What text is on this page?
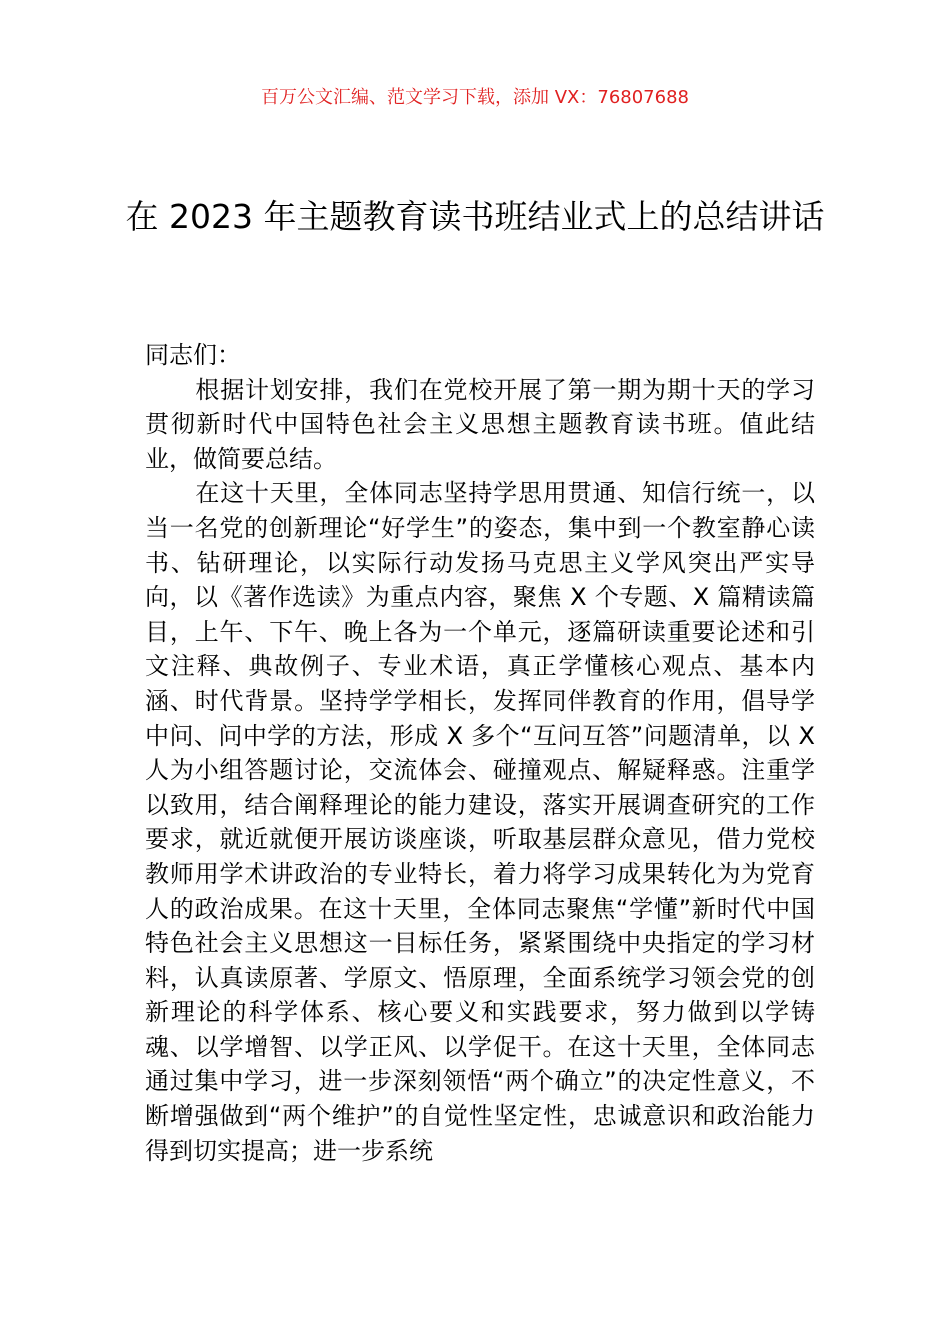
百万公文汇编、范文学习下载，添加 VX：76807688
在 2023 年主题教育读书班结业式上的总结讲话

同志们：

根据计划安排，我们在党校开展了第一期为期十天的学习贯彻新时代中国特色社会主义思想主题教育读书班。值此结业，做简要总结。

在这十天里，全体同志坚持学思用贯通、知信行统一，以当一名党的创新理论“好学生”的姿态，集中到一个教室静心读书、钻研理论，以实际行动发扬马克思主义学风突出严实导向，以《著作选读》为重点内容，聚焦 X 个专题、X 篇精读篇目，上午、下午、晚上各为一个单元，逐篇研读重要论述和引文注释、典故例子、专业术语，真正学懂核心观点、基本内涵、时代背景。坚持学学相长，发挥同伴教育的作用，倡导学中问、问中学的方法，形成 X 多个“互问互答”问题清单，以 X 人为小组答题讨论，交流体会、碰撞观点、解疑释惑。注重学以致用，结合阐释理论的能力建设，落实开展调查研究的工作要求，就近就便开展访谈座谈，听取基层群众意见，借力党校教师用学术讲政治的专业特长，着力将学习成果转化为为党育人的政治成果。在这十天里，全体同志聚焦“学懂”新时代中国特色社会主义思想这一目标任务，紧紧围绕中央指定的学习材料，认真读原著、学原文、悟原理，全面系统学习领会党的创新理论的科学体系、核心要义和实践要求，努力做到以学铸魂、以学增智、以学正风、以学促干。在这十天里，全体同志通过集中学习，进一步深刻领悟“两个确立”的决定性意义，不断增强做到“两个维护”的自觉性坚定性，忠诚意识和政治能力得到切实提高；进一步系统
